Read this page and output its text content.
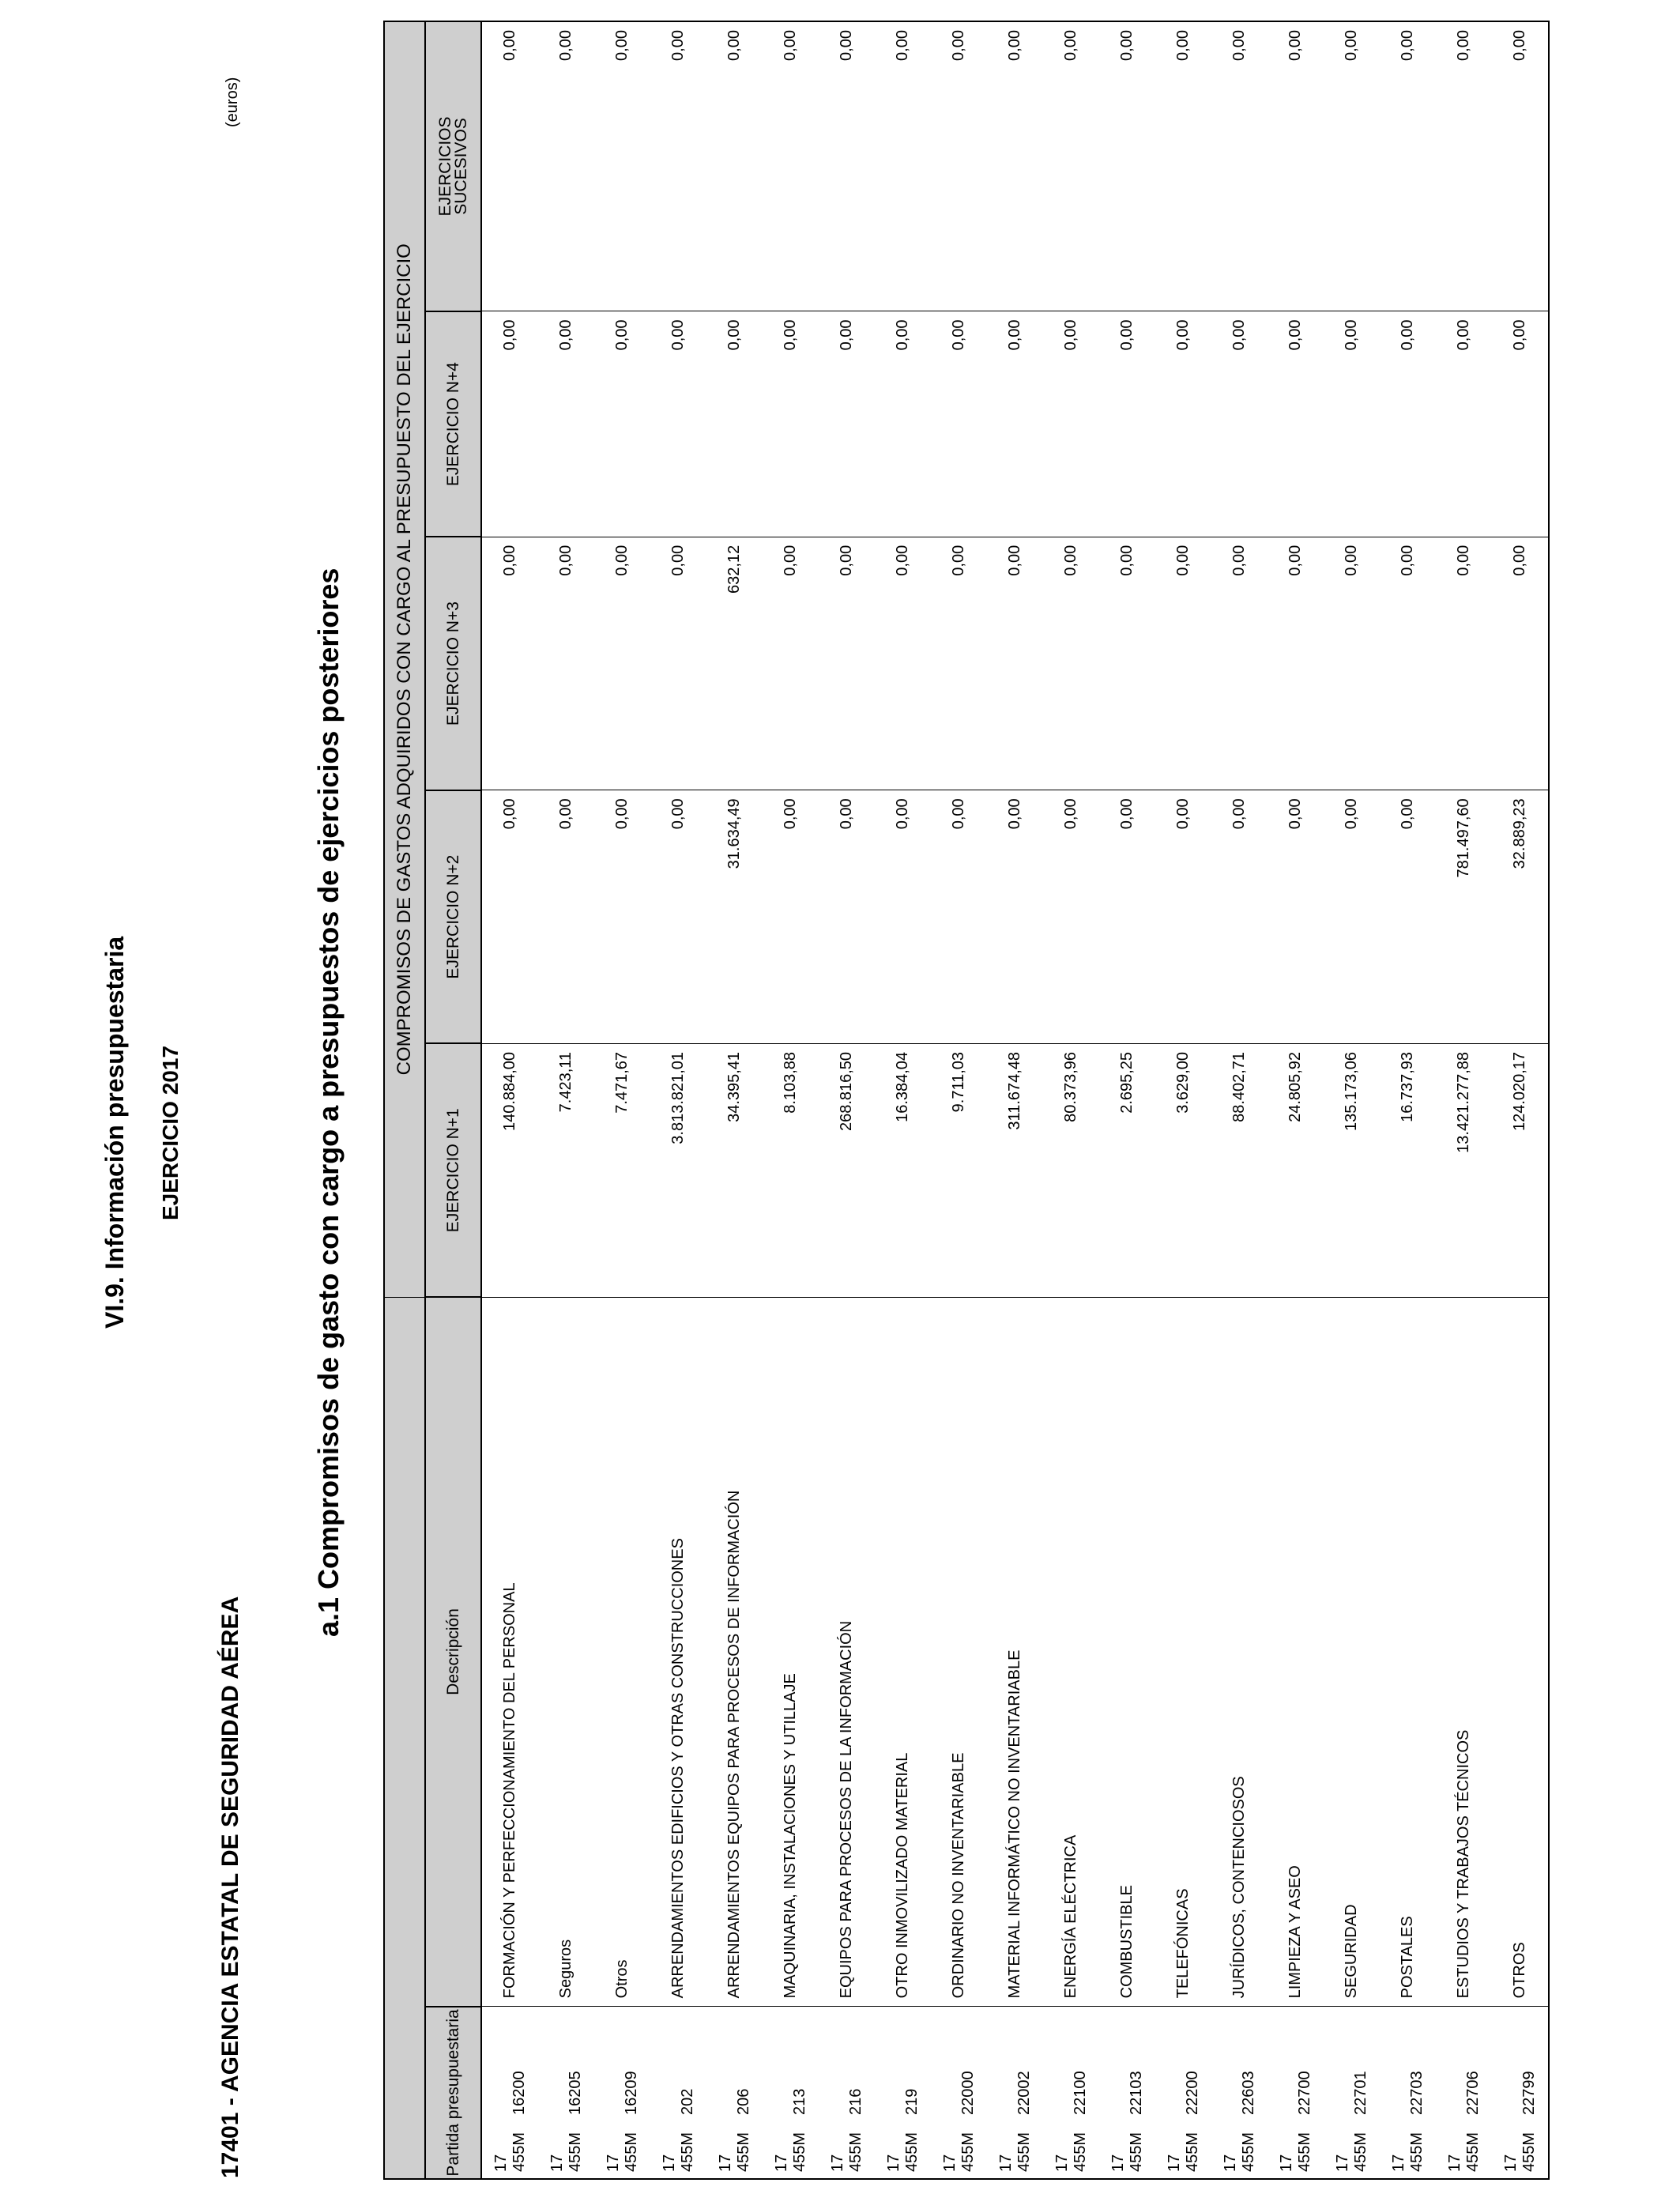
VI.9. Información presupuestaria EJERCICIO 2017
17401 - AGENCIA ESTATAL DE SEGURIDAD AÉREA
(euros)
a.1 Compromisos de gasto con cargo a presupuestos de ejercicios posteriores
		COMPROMISOS DE GASTOS ADQUIRIDOS CON CARGO AL PRESUPUESTO DEL EJERCICIO				
Partida presupuestaria	Descripción	EJERCICIO N+1	EJERCICIO N+2	EJERCICIO N+3	EJERCICIO N+4	EJERCICIOS
SUCESIVOS

17 455M16200	FORMACIÓN Y PERFECCIONAMIENTO DEL PERSONAL	140.884,00	0,00	0,00	0,00	0,00
17 455M16205	Seguros	7.423,11	0,00	0,00	0,00	0,00
17 455M16209	Otros	7.471,67	0,00	0,00	0,00	0,00
17 455M202	ARRENDAMIENTOS EDIFICIOS Y OTRAS CONSTRUCCIONES	3.813.821,01	0,00	0,00	0,00	0,00
17 455M206	ARRENDAMIENTOS EQUIPOS PARA PROCESOS DE INFORMACIÓN	34.395,41	31.634,49	632,12	0,00	0,00
17 455M213	MAQUINARIA, INSTALACIONES Y UTILLAJE	8.103,88	0,00	0,00	0,00	0,00
17 455M216	EQUIPOS PARA PROCESOS DE LA INFORMACIÓN	268.816,50	0,00	0,00	0,00	0,00
17 455M219	OTRO INMOVILIZADO MATERIAL	16.384,04	0,00	0,00	0,00	0,00
17 455M22000	ORDINARIO NO INVENTARIABLE	9.711,03	0,00	0,00	0,00	0,00
17 455M22002	MATERIAL INFORMÁTICO NO INVENTARIABLE	311.674,48	0,00	0,00	0,00	0,00
17 455M22100	ENERGÍA ELÉCTRICA	80.373,96	0,00	0,00	0,00	0,00
17 455M22103	COMBUSTIBLE	2.695,25	0,00	0,00	0,00	0,00
17 455M22200	TELEFÓNICAS	3.629,00	0,00	0,00	0,00	0,00
17 455M22603	JURÍDICOS, CONTENCIOSOS	88.402,71	0,00	0,00	0,00	0,00
17 455M22700	LIMPIEZA Y ASEO	24.805,92	0,00	0,00	0,00	0,00
17 455M22701	SEGURIDAD	135.173,06	0,00	0,00	0,00	0,00
17 455M22703	POSTALES	16.737,93	0,00	0,00	0,00	0,00
17 455M22706	ESTUDIOS Y TRABAJOS TÉCNICOS	13.421.277,88	781.497,60	0,00	0,00	0,00
17 455M22799	OTROS	124.020,17	32.889,23	0,00	0,00	0,00
